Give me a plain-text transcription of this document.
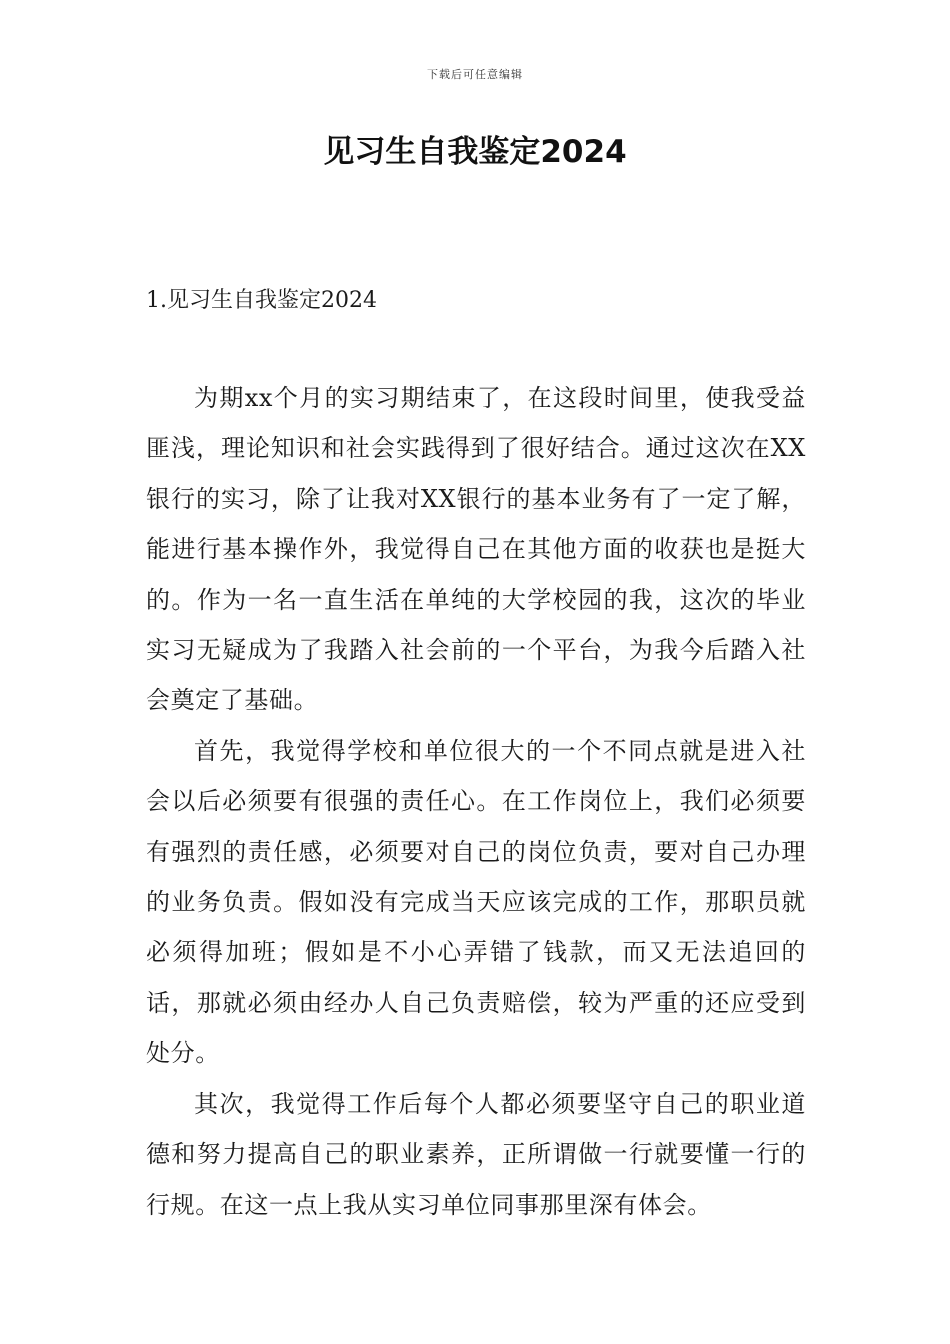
下载后可任意编辑
见习生自我鉴定2024
1.见习生自我鉴定2024

为期xx个月的实习期结束了，在这段时间里，使我受益匪浅，理论知识和社会实践得到了很好结合。通过这次在XX银行的实习，除了让我对XX银行的基本业务有了一定了解，能进行基本操作外，我觉得自己在其他方面的收获也是挺大的。作为一名一直生活在单纯的大学校园的我，这次的毕业实习无疑成为了我踏入社会前的一个平台，为我今后踏入社会奠定了基础。

首先，我觉得学校和单位很大的一个不同点就是进入社会以后必须要有很强的责任心。在工作岗位上，我们必须要有强烈的责任感，必须要对自己的岗位负责，要对自己办理的业务负责。假如没有完成当天应该完成的工作，那职员就必须得加班；假如是不小心弄错了钱款，而又无法追回的话，那就必须由经办人自己负责赔偿，较为严重的还应受到处分。

其次，我觉得工作后每个人都必须要坚守自己的职业道德和努力提高自己的职业素养，正所谓做一行就要懂一行的行规。在这一点上我从实习单位同事那里深有体会。
